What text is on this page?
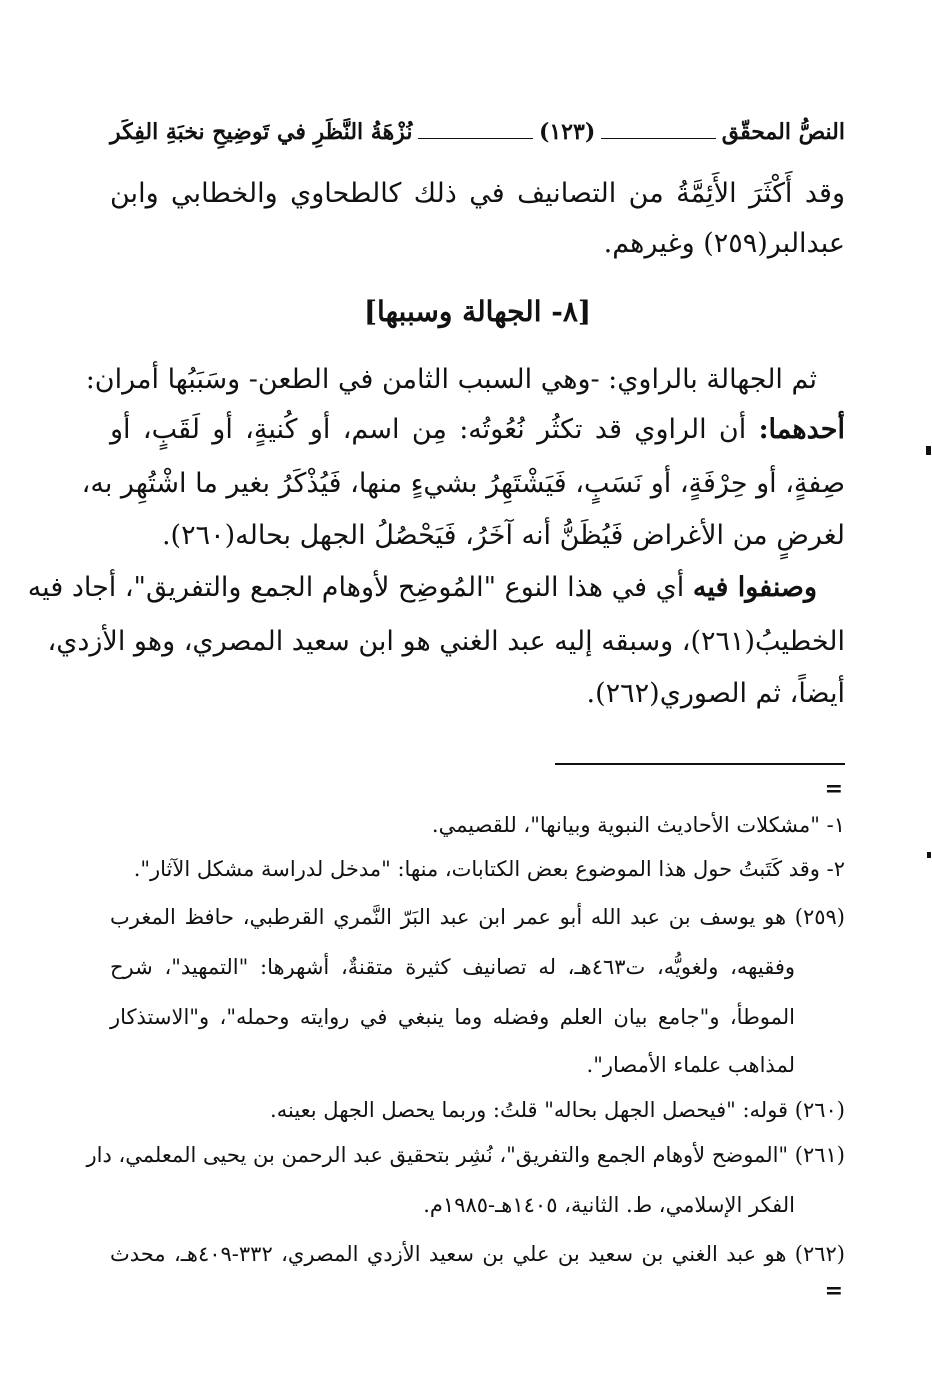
النصُّ المحقّق
(١٢٣)
نُزْهَةُ النَّظَرِ في تَوضِيحِ نخبَةِ الفِكَر
وقد أَكْثَرَ الأَئِمَّةُ من التصانيف في ذلك كالطحاوي والخطابي وابن
عبدالبر(٢٥٩) وغيرهم.
[٨- الجهالة وسببها]
ثم الجهالة بالراوي: -وهي السبب الثامن في الطعن- وسَبَبُها أمران:
أحدهما: أن الراوي قد تكثُر نُعُوتُه: مِن اسم، أو كُنيةٍ، أو لَقَبٍ، أو
صِفةٍ، أو حِرْفَةٍ، أو نَسَبٍ، فَيَشْتَهِرُ بشيءٍ منها، فَيُذْكَرُ بغير ما اشْتُهِر به،
لغرضٍ من الأغراض فَيُظَنُّ أنه آخَرُ، فَيَحْصُلُ الجهل بحاله(٢٦٠).
وصنفوا فيه أي في هذا النوع "المُوضِح لأوهام الجمع والتفريق"، أجاد فيه
الخطيبُ(٢٦١)، وسبقه إليه عبد الغني هو ابن سعيد المصري، وهو الأزدي،
أيضاً، ثم الصوري(٢٦٢).
=
١- "مشكلات الأحاديث النبوية وبيانها"، للقصيمي.
٢- وقد كَتَبتُ حول هذا الموضوع بعض الكتابات، منها: "مدخل لدراسة مشكل الآثار".
(٢٥٩) هو يوسف بن عبد الله أبو عمر ابن عبد البَرّ النَّمري القرطبي، حافظ المغرب
وفقيهه، ولغويُّه، ت٤٦٣هـ، له تصانيف كثيرة متقنةٌ، أشهرها: "التمهيد"، شرح
الموطأ، و"جامع بيان العلم وفضله وما ينبغي في روايته وحمله"، و"الاستذكار
لمذاهب علماء الأمصار".
(٢٦٠) قوله: "فيحصل الجهل بحاله" قلتُ: وربما يحصل الجهل بعينه.
(٢٦١) "الموضح لأوهام الجمع والتفريق"، نُشِر بتحقيق عبد الرحمن بن يحيى المعلمي، دار
الفكر الإسلامي، ط. الثانية، ١٤٠٥هـ-١٩٨٥م.
(٢٦٢) هو عبد الغني بن سعيد بن علي بن سعيد الأزدي المصري، ٣٣٢-٤٠٩هـ، محدث
=
